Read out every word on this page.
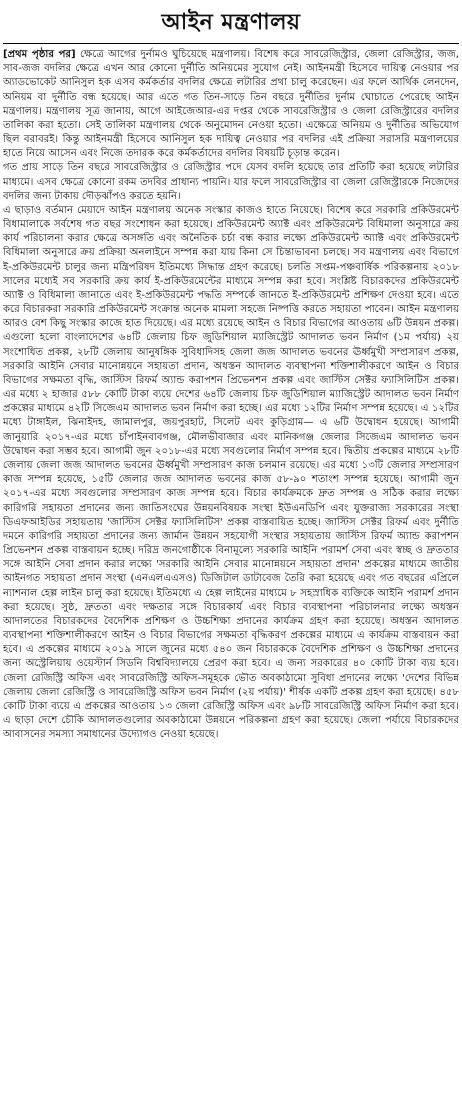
আইন মন্ত্রণালয়

[প্রথম পৃষ্ঠার পর] ক্ষেত্রে আগের দুর্নামও ঘুচিয়েছে মন্ত্রণালয়। বিশেষ করে সাবরেজিস্ট্রার, জেলা রেজিস্ট্রার, জজ, সাব-জজ বদলির ক্ষেত্রে এখন আর কোনো দুর্নীতি অনিয়মের সুযোগ নেই। আইনমন্ত্রী হিসেবে দায়িত্ব নেওয়ার পর অ্যাডভোকেট আনিসুল হক এসব কর্মকর্তার বদলির ক্ষেত্রে লটারির প্রথা চালু করেছেন। এর ফলে আর্থিক লেনদেন, অনিয়ম বা দুর্নীতি বন্ধ হয়েছে। আর এতে গত তিন-সাড়ে তিন বছরে দুর্নীতির দুর্নাম ঘোচাতে পেরেছে আইন মন্ত্রণালয়। মন্ত্রণালয় সূত্র জানায়, আগে আইজেআর-এর দপ্তর থেকে সাবরেজিস্ট্রার ও জেলা রেজিস্ট্রারের বদলির তালিকা করা হতো। সেই তালিকা মন্ত্রণালয় থেকে অনুমোদন নেওয়া হতো। এক্ষেত্রে অনিয়ম ও দুর্নীতির অভিযোগ ছিল বরাবরই। কিন্তু আইনমন্ত্রী হিসেবে আনিসুল হক দায়িত্ব নেওয়ার পর বদলির এই প্রক্রিয়া সরাসরি মন্ত্রণালয়ের হাতে নিয়ে আসেন এবং নিজে তদারক করে কর্মকর্তাদের বদলির বিষয়টি চূড়ান্ত করেন।

গত প্রায় সাড়ে তিন বছরে সাবরেজিস্ট্রার ও রেজিস্ট্রার পদে যেসব বদলি হয়েছে তার প্রতিটি করা হয়েছে লটারির মাধ্যমে। এসব ক্ষেত্রে কোনো রকম তদবির প্রাধান্য পায়নি। যার ফলে সাবরেজিস্ট্রার বা জেলা রেজিস্ট্রারকে নিজেদের বদলির জন্য টাকায় দৌড়ঝাঁপও করতে হয়নি।

এ ছাড়াও বর্তমান মেয়াদে আইন মন্ত্রণালয় অনেক সংস্কার কাজও হাতে নিয়েছে। বিশেষ করে সরকারি প্রকিউরমেন্ট বিধামালাকে সর্বশেষ গত বছর সংশোধন করা হয়েছে। প্রকিউরমেন্ট অ্যাক্ট এবং প্রকিউরমেন্ট বিধিমালা অনুসারে ক্রয় কার্য পরিচালনা করার ক্ষেত্রে অসঙ্গতি এবং অনৈতিক চর্চা বন্ধ করার লক্ষ্যে প্রকিউরমেন্ট অ্যাক্ট এবং প্রকিউরমেন্ট বিধিমালা অনুসারে ক্রয় প্রক্রিয়া অনলাইনে সম্পন্ন করা যায় কিনা সে চিন্তাভাবনা চলছে। সব মন্ত্রণালয় এবং বিভাগে ই-প্রকিউরমেন্ট চালুর জন্য মন্ত্রিপরিষদ ইতিমধ্যে সিদ্ধান্ত গ্রহণ করেছে। চলতি সপ্তম-পঞ্চবার্ষিক পরিকল্পনায় ২০১৮ সালের মধ্যেই সব সরকারি ক্রয় কার্য ই-প্রকিউরমেন্টের মাধ্যমে সম্পন্ন করা হবে। সংশ্লিষ্ট বিচারকদের প্রকিউরমেন্ট অ্যাক্ট ও বিধিমালা জানাতে এবং ই-প্রকিউরমেন্ট পদ্ধতি সম্পর্কে জানতে ই-প্রকিউরমেন্ট প্রশিক্ষণ দেওয়া হবে। এতে করে বিচারকরা সরকারি প্রকিউরমেন্ট সংক্রান্ত অনেক মামলা সহজে নিষ্পত্তি করতে সহায়তা পাবেন। আইন মন্ত্রণালয় আরও বেশ কিছু সংস্কার কাজে হাত দিয়েছে। এর মধ্যে রয়েছে আইন ও বিচার বিভাগের আওতায় ৬টি উন্নয়ন প্রকল্প। এগুলো হলো বাংলাদেশের ৬৪টি জেলায় চিফ জুডিশিয়াল ম্যাজিস্ট্রেট আদালত ভবন নির্মাণ (১ম পর্যায়) ২য় সংশোধিত প্রকল্প, ২৮টি জেলায় আনুষঙ্গিক সুবিধাদিসহ জেলা জজ আদালত ভবনের ঊর্ধ্বমুখী সম্প্রসারণ প্রকল্প, সরকারি আইনি সেবার মানোন্নয়নে সহায়তা প্রদান, অধস্তন আদালত ব্যবস্থাপনা শক্তিশালীকরণে আইন ও বিচার বিভাগের সক্ষমতা বৃদ্ধি, জাস্টিস রিফর্ম অ্যান্ড করাপশন প্রিভেনশন প্রকল্প এবং জাস্টিস সেক্টর ফ্যাসিলিটিস প্রকল্প। এর মধ্যে ২ হাজার ৫৮৮ কোটি টাকা ব্যয়ে দেশের ৬৪টি জেলায় চিফ জুডিশিয়াল ম্যাজিস্ট্রেট আদালত ভবন নির্মাণ প্রকল্পের মাধ্যমে ৪২টি সিজেএম আদালত ভবন নির্মাণ করা হচ্ছে। এর মধ্যে ১২টির নির্মাণ সম্পন্ন হয়েছে। এ ১২টির মধ্যে টাঙ্গাইল, ঝিনাইদহ, জামালপুর, জয়পুরহাট, সিলেট এবং কুড়িগ্রাম— এ ৬টি উদ্বোধন হয়েছে। আগামী জানুয়ারি ২০১৭-এর মধ্যে চাঁপাইনবাবগঞ্জ, মৌলভীবাজার এবং মানিকগঞ্জ জেলার সিজেএম আদালত ভবন উদ্বোধন করা সম্ভব হবে। আগামী জুন ২০১৮-এর মধ্যে সবগুলোর নির্মাণ সম্পন্ন হবে। দ্বিতীয় প্রকল্পের মাধ্যমে ২৮টি জেলায় জেলা জজ আদালত ভবনের ঊর্ধ্বমুখী সম্প্রসারণ কাজ চলমান রয়েছে। এর মধ্যে ১৩টি জেলার সম্প্রসারণ কাজ সম্পন্ন হয়েছে, ১৫টি জেলার জজ আদালত ভবনের কাজ ৫৮-৯০ শতাংশ সম্পন্ন হয়েছে। আগামী জুন ২০১৭-এর মধ্যে সবগুলোর সম্প্রসারণ কাজ সম্পন্ন হবে। বিচার কার্যক্রমকে দ্রুত সম্পন্ন ও সঠিক করার লক্ষ্যে কারিগরি সহায়তা প্রদানের জন্য জাতিসংঘের উন্নয়নবিষয়ক সংস্থা ইউএনডিপি এবং যুক্তরাজ্য সরকারের সংস্থা ডিএফআইডির সহায়তায় 'জাস্টিস সেক্টর ফ্যাসিলিটিস' প্রকল্প বাস্তবায়িত হচ্ছে। জাস্টিস সেক্টর রিফর্ম এবং দুর্নীতি দমনে কারিগরি সহায়তা প্রদানের জন্য জার্মান উন্নয়ন সহযোগী সংস্থার সহায়তায় জাস্টিস রিফর্ম অ্যান্ড করাপশন প্রিভেনশন প্রকল্প বাস্তবায়ন হচ্ছে। দরিদ্র জনগোষ্ঠীকে বিনামূল্যে সরকারি আইনি পরামর্শ সেবা এবং স্বচ্ছ ও দ্রুততার সঙ্গে আইনি সেবা প্রদান করার লক্ষ্যে 'সরকারি আইনি সেবার মানোন্নয়নে সহায়তা প্রদান' প্রকল্পের মাধ্যমে জাতীয় আইনগত সহায়তা প্রদান সংস্থা (এনএলএএসও) ডিজিটাল ডাটাবেজ তৈরি করা হয়েছে এবং গত বছরের এপ্রিলে ন্যাশনাল হেল্প লাইন চালু করা হয়েছে। ইতিমধ্যে এ হেল্প লাইনের মাধ্যমে ৮ সহস্রাধিক ব্যক্তিকে আইনি পরামর্শ প্রদান করা হয়েছে। সুষ্ঠ, দ্রুততা এবং দক্ষতার সঙ্গে বিচারকার্য এবং বিচার ব্যবস্থাপনা পরিচালনার লক্ষ্যে অধস্তন আদালতের বিচারকদের বৈদেশিক প্রশিক্ষণ ও উচ্চশিক্ষা প্রদানের কার্যক্রম গ্রহণ করা হয়েছে। অধস্তন আদালত ব্যবস্থাপনা শক্তিশালীকরণে আইন ও বিচার বিভাগের সক্ষমতা বৃদ্ধিকরণ প্রকল্পের মাধ্যমে এ কার্যক্রম বাস্তবায়ন করা হবে। এ প্রকল্পের মাধ্যমে ২০১৯ সালে জুনের মধ্যে ৫৪০ জন বিচারককে বৈদেশিক প্রশিক্ষণ ও উচ্চশিক্ষা প্রদানের জন্য অস্ট্রেলিয়ায় ওয়েস্টার্ন সিডনি বিশ্ববিদ্যালয়ে প্রেরণ করা হবে। এ জন্য সরকারের ৪০ কোটি টাকা ব্যয় হবে। জেলা রেজিস্ট্রি অফিস এবং সাবরেজিস্ট্রি অফিস-সমূহকে ভৌত অবকাঠামো সুবিধা প্রদানের লক্ষ্যে 'দেশের বিভিন্ন জেলায় জেলা রেজিস্ট্রি ও সাবরেজিস্ট্রি অফিস ভবন নির্মাণ (২য় পর্যায়)' শীর্ষক একটি প্রকল্প গ্রহণ করা হয়েছে। ৪৫৮ কোটি টাকা ব্যয়ে এ প্রকল্পের আওতায় ১৩ জেলা রেজিস্ট্রি অফিস এবং ৯৮টি সাবরেজিস্ট্রি অফিস নির্মাণ করা হবে। এ ছাড়া দেশে চৌকি আদালতগুলোর অবকাঠামো উন্নয়নে পরিকল্পনা গ্রহণ করা হয়েছে। জেলা পর্যায়ে বিচারকদের আবাসনের সমস্যা সমাধানের উদ্যোগও নেওয়া হয়েছে।
